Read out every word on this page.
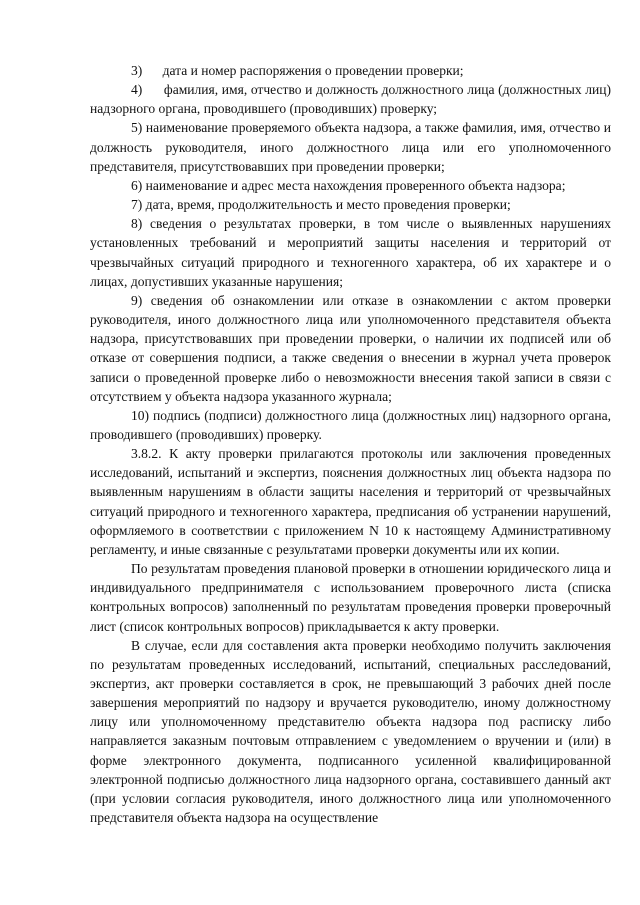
3)      дата и номер распоряжения о проведении проверки;

4)      фамилия, имя, отчество и должность должностного лица (должностных лиц) надзорного органа, проводившего (проводивших) проверку;

5) наименование проверяемого объекта надзора, а также фамилия, имя, отчество и должность руководителя, иного должностного лица или его уполномоченного представителя, присутствовавших при проведении проверки;

6) наименование и адрес места нахождения проверенного объекта надзора;

7) дата, время, продолжительность и место проведения проверки;

8) сведения о результатах проверки, в том числе о выявленных нарушениях установленных требований и мероприятий защиты населения и территорий от чрезвычайных ситуаций природного и техногенного характера, об их характере и о лицах, допустивших указанные нарушения;

9) сведения об ознакомлении или отказе в ознакомлении с актом проверки руководителя, иного должностного лица или уполномоченного представителя объекта надзора, присутствовавших при проведении проверки, о наличии их подписей или об отказе от совершения подписи, а также сведения о внесении в журнал учета проверок записи о проведенной проверке либо о невозможности внесения такой записи в связи с отсутствием у объекта надзора указанного журнала;

10) подпись (подписи) должностного лица (должностных лиц) надзорного органа, проводившего (проводивших) проверку.

3.8.2. К акту проверки прилагаются протоколы или заключения проведенных исследований, испытаний и экспертиз, пояснения должностных лиц объекта надзора по выявленным нарушениям в области защиты населения и территорий от чрезвычайных ситуаций природного и техногенного характера, предписания об устранении нарушений, оформляемого в соответствии с приложением N 10 к настоящему Административному регламенту, и иные связанные с результатами проверки документы или их копии.

По результатам проведения плановой проверки в отношении юридического лица и индивидуального предпринимателя с использованием проверочного листа (списка контрольных вопросов) заполненный по результатам проведения проверки проверочный лист (список контрольных вопросов) прикладывается к акту проверки.

В случае, если для составления акта проверки необходимо получить заключения по результатам проведенных исследований, испытаний, специальных расследований, экспертиз, акт проверки составляется в срок, не превышающий 3 рабочих дней после завершения мероприятий по надзору и вручается руководителю, иному должностному лицу или уполномоченному представителю объекта надзора под расписку либо направляется заказным почтовым отправлением с уведомлением о вручении и (или) в форме электронного документа, подписанного усиленной квалифицированной электронной подписью должностного лица надзорного органа, составившего данный акт (при условии согласия руководителя, иного должностного лица или уполномоченного представителя объекта надзора на осуществление
